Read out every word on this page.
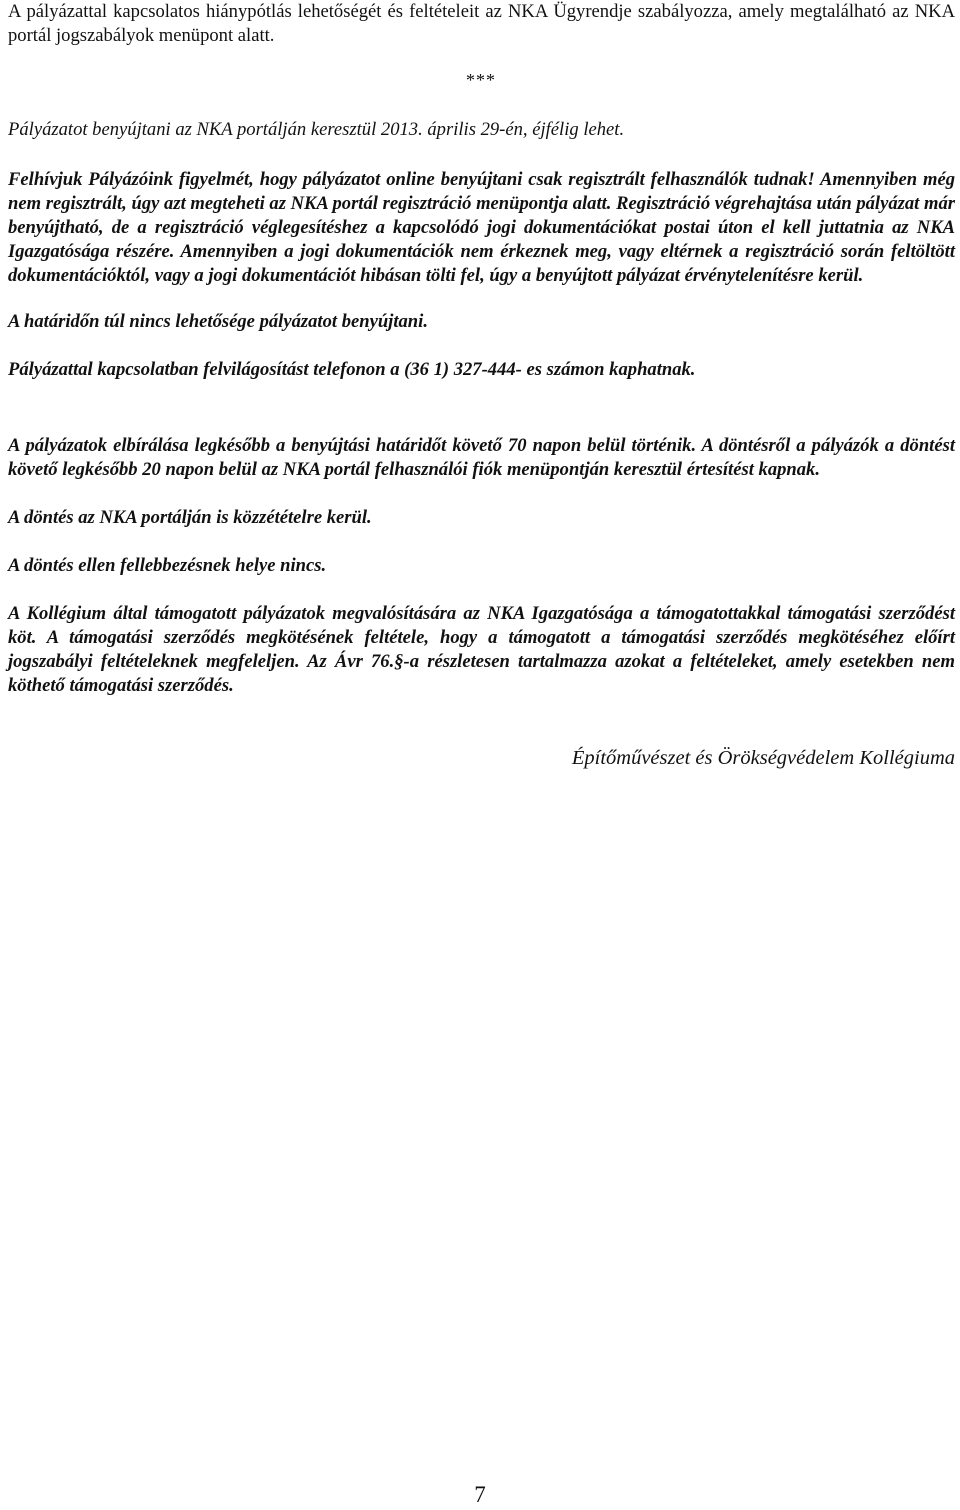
A pályázattal kapcsolatos hiánypótlás lehetőségét és feltételeit az NKA Ügyrendje szabályozza, amely megtalálható az NKA portál jogszabályok menüpont alatt.

***

Pályázatot benyújtani az NKA portálján keresztül 2013. április 29-én, éjfélig lehet.

Felhívjuk Pályázóink figyelmét, hogy pályázatot online benyújtani csak regisztrált felhasználók tudnak! Amennyiben még nem regisztrált, úgy azt megteheti az NKA portál regisztráció menüpontja alatt. Regisztráció végrehajtása után pályázat már benyújtható, de a regisztráció véglegesítéshez a kapcsolódó jogi dokumentációkat postai úton el kell juttatnia az NKA Igazgatósága részére. Amennyiben a jogi dokumentációk nem érkeznek meg, vagy eltérnek a regisztráció során feltöltött dokumentációktól, vagy a jogi dokumentációt hibásan tölti fel, úgy a benyújtott pályázat érvénytelenítésre kerül.

A határidőn túl nincs lehetősége pályázatot benyújtani.

Pályázattal kapcsolatban felvilágosítást telefonon a (36 1) 327-444- es számon kaphatnak.

A pályázatok elbírálása legkésőbb a benyújtási határidőt követő 70 napon belül történik. A döntésről a pályázók a döntést követő legkésőbb 20 napon belül az NKA portál felhasználói fiók menüpontján keresztül értesítést kapnak.

A döntés az NKA portálján is közzétételre kerül.

A döntés ellen fellebbezésnek helye nincs.

A Kollégium által támogatott pályázatok megvalósítására az NKA Igazgatósága a támogatottakkal támogatási szerződést köt. A támogatási szerződés megkötésének feltétele, hogy a támogatott a támogatási szerződés megkötéséhez előírt jogszabályi feltételeknek megfeleljen. Az Ávr 76.§-a részletesen tartalmazza azokat a feltételeket, amely esetekben nem köthető támogatási szerződés.

Építőművészet és Örökségvédelem Kollégiuma
7
